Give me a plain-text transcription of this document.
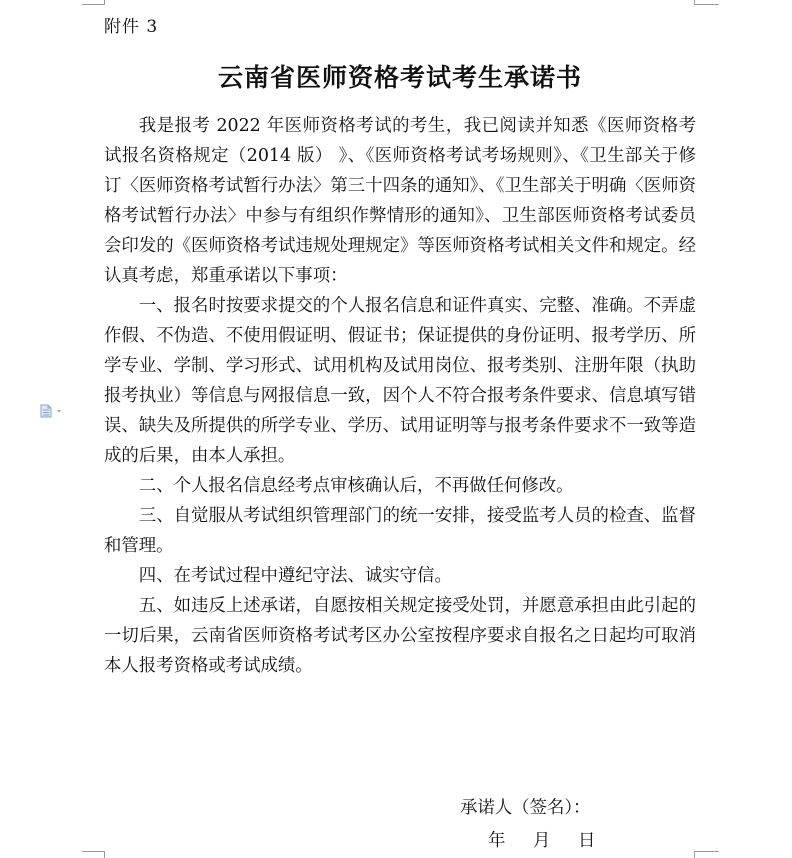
附件 3
云南省医师资格考试考生承诺书

我是报考 2022 年医师资格考试的考生，我已阅读并知悉《医师资格考试报名资格规定（2014 版） 》、《医师资格考试考场规则》、《卫生部关于修订〈医师资格考试暂行办法〉第三十四条的通知》、《卫生部关于明确〈医师资格考试暂行办法〉中参与有组织作弊情形的通知》、卫生部医师资格考试委员会印发的《医师资格考试违规处理规定》等医师资格考试相关文件和规定。经认真考虑，郑重承诺以下事项：

一、报名时按要求提交的个人报名信息和证件真实、完整、准确。不弄虚作假、不伪造、不使用假证明、假证书；保证提供的身份证明、报考学历、所学专业、学制、学习形式、试用机构及试用岗位、报考类别、注册年限（执助报考执业）等信息与网报信息一致，因个人不符合报考条件要求、信息填写错误、缺失及所提供的所学专业、学历、试用证明等与报考条件要求不一致等造成的后果，由本人承担。

二、个人报名信息经考点审核确认后，不再做任何修改。

三、自觉服从考试组织管理部门的统一安排，接受监考人员的检查、监督和管理。

四、在考试过程中遵纪守法、诚实守信。

五、如违反上述承诺，自愿按相关规定接受处罚，并愿意承担由此引起的一切后果，云南省医师资格考试考区办公室按程序要求自报名之日起均可取消本人报考资格或考试成绩。

承诺人（签名）：
年     月     日
